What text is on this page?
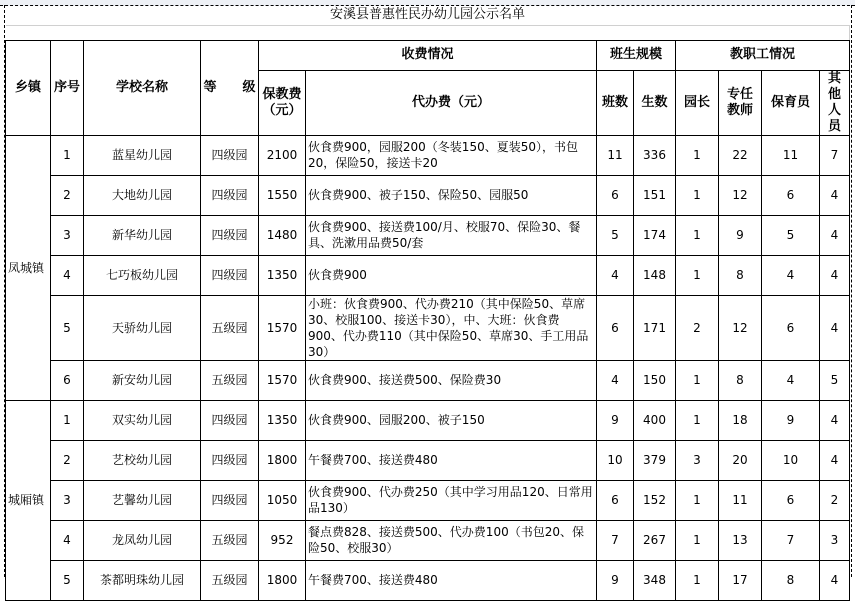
安溪县普惠性民办幼儿园公示名单											

乡镇	序号	学校名称	等　　级	收费情况		班生规模		教职工情况			
				保教费（元）	代办费（元）	班数	生数	园长	专任教师	保育员	其他人员
凤城镇	1	蓝星幼儿园	四级园	2100	伙食费900，园服200（冬装150、夏装50），书包20，保险50，接送卡20	11	336	1	22	11	7
	2	大地幼儿园	四级园	1550	伙食费900、被子150、保险50、园服50	6	151	1	12	6	4
	3	新华幼儿园	四级园	1480	伙食费900、接送费100/月、校服70、保险30、餐具、洗漱用品费50/套	5	174	1	9	5	4
	4	七巧板幼儿园	四级园	1350	伙食费900	4	148	1	8	4	4
	5	天骄幼儿园	五级园	1570	小班：伙食费900、代办费210（其中保险50、草席30、校服100、接送卡30），中、大班：伙食费900、代办费110（其中保险50、草席30、手工用品30）	6	171	2	12	6	4
	6	新安幼儿园	五级园	1570	伙食费900、接送费500、保险费30	4	150	1	8	4	5
城厢镇	1	双实幼儿园	四级园	1350	伙食费900、园服200、被子150	9	400	1	18	9	4
	2	艺校幼儿园	四级园	1800	午餐费700、接送费480	10	379	3	20	10	4
	3	艺馨幼儿园	四级园	1050	伙食费900、代办费250（其中学习用品120、日常用品130）	6	152	1	11	6	2
	4	龙凤幼儿园	五级园	952	餐点费828、接送费500、代办费100（书包20、保险50、校服30）	7	267	1	13	7	3
	5	茶都明珠幼儿园	五级园	1800	午餐费700、接送费480	9	348	1	17	8	4
